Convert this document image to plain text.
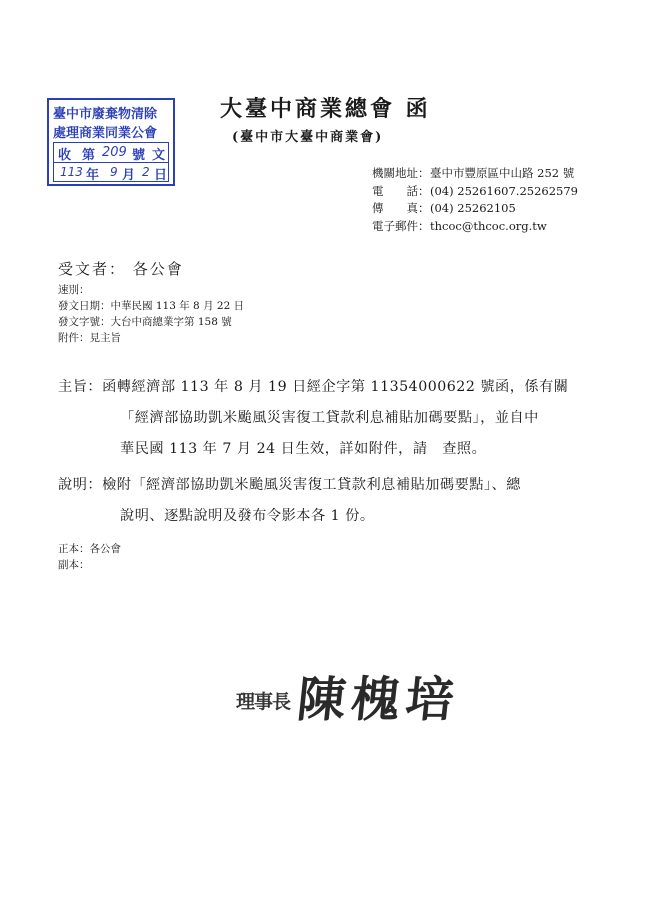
臺中市廢棄物清除
處理商業同業公會
收 第 209 號 文
113 年 9 月 2 日
大臺中商業總會 函
(臺中市大臺中商業會)
機關地址： 臺中市豐原區中山路 252 號
電　　話： (04) 25261607.25262579
傳　　真： (04) 25262105
電子郵件： thcoc@thcoc.org.tw
受文者： 各公會
速別：
發文日期：中華民國 113 年 8 月 22 日
發文字號：大台中商總業字第 158 號
附件：見主旨
主旨：函轉經濟部 113 年 8 月 19 日經企字第 11354000622 號函，係有關
「經濟部協助凱米颱風災害復工貸款利息補貼加碼要點」，並自中
華民國 113 年 7 月 24 日生效，詳如附件，請　查照。
說明：檢附「經濟部協助凱米颱風災害復工貸款利息補貼加碼要點」、總
說明、逐點說明及發布令影本各 1 份。
正本：各公會
副本：
理事長 陳槐培
